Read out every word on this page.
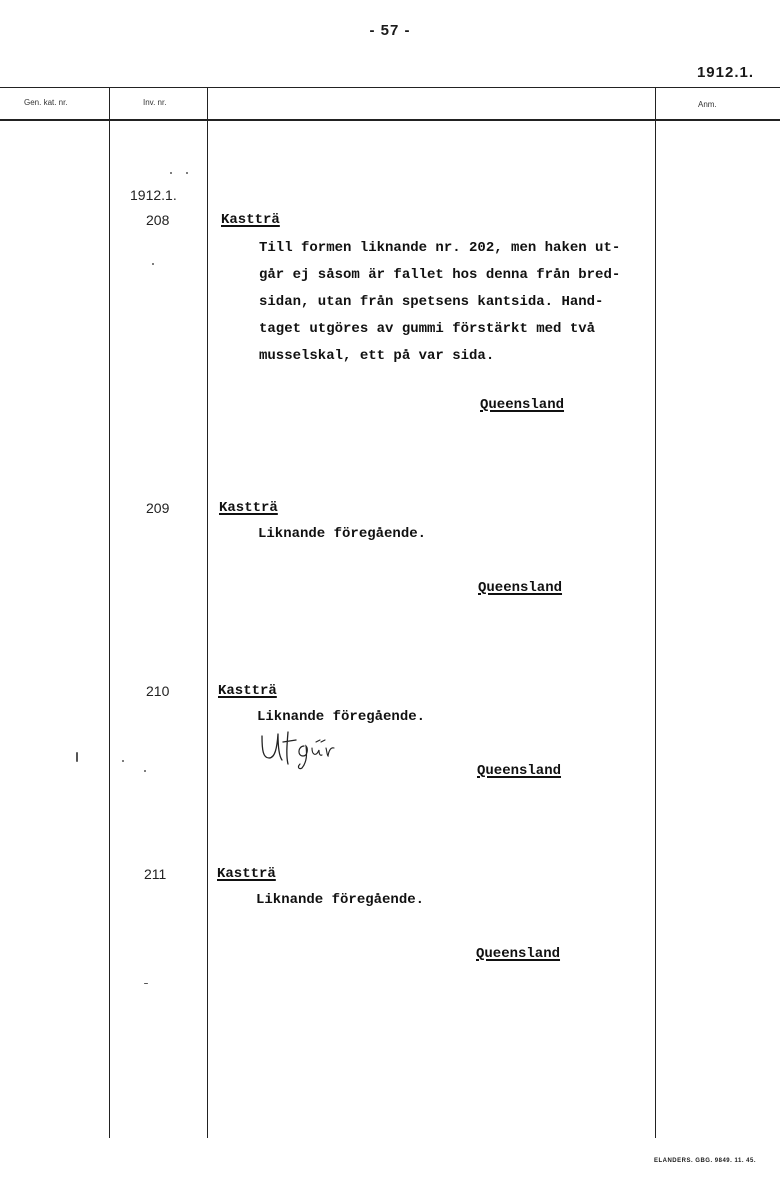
- 57 -
1912.1.
Gen. kat. nr.	Inv. nr.	Anm.
1912.1.
208	Kastträ
Till formen liknande nr. 202, men haken ut-
går ej såsom är fallet hos denna från bred-
sidan, utan från spetsens kantsida. Hand-
taget utgöres av gummi förstärkt med två
musselskal, ett på var sida.
Queensland
209	Kastträ
Liknande föregående.
Queensland
210	Kastträ
Liknande föregående.
Queensland
211	Kastträ
Liknande föregående.
Queensland
ELANDERS. GBG. 9849. 11. 45.
